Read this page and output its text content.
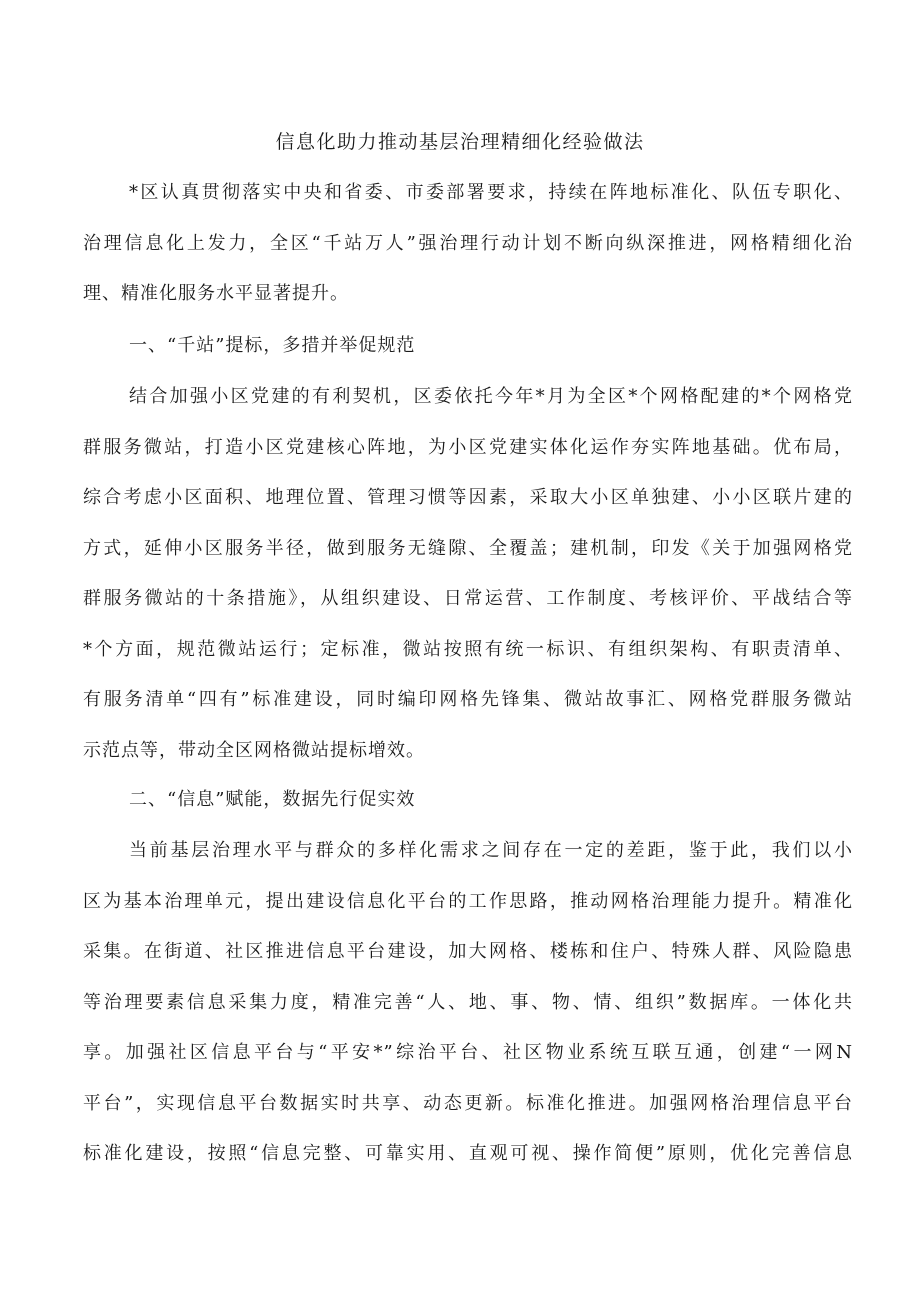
信息化助力推动基层治理精细化经验做法
*区认真贯彻落实中央和省委、市委部署要求，持续在阵地标准化、队伍专职化、
治理信息化上发力，全区“千站万人”强治理行动计划不断向纵深推进，网格精细化治
理、精准化服务水平显著提升。
一、“千站”提标，多措并举促规范
结合加强小区党建的有利契机，区委依托今年*月为全区*个网格配建的*个网格党
群服务微站，打造小区党建核心阵地，为小区党建实体化运作夯实阵地基础。优布局，
综合考虑小区面积、地理位置、管理习惯等因素，采取大小区单独建、小小区联片建的
方式，延伸小区服务半径，做到服务无缝隙、全覆盖；建机制，印发《关于加强网格党
群服务微站的十条措施》，从组织建设、日常运营、工作制度、考核评价、平战结合等
*个方面，规范微站运行；定标准，微站按照有统一标识、有组织架构、有职责清单、
有服务清单“四有”标准建设，同时编印网格先锋集、微站故事汇、网格党群服务微站
示范点等，带动全区网格微站提标增效。
二、“信息”赋能，数据先行促实效
当前基层治理水平与群众的多样化需求之间存在一定的差距，鉴于此，我们以小
区为基本治理单元，提出建设信息化平台的工作思路，推动网格治理能力提升。精准化
采集。在街道、社区推进信息平台建设，加大网格、楼栋和住户、特殊人群、风险隐患
等治理要素信息采集力度，精准完善“人、地、事、物、情、组织”数据库。一体化共
享。加强社区信息平台与“平安*”综治平台、社区物业系统互联互通，创建“一网N
平台”，实现信息平台数据实时共享、动态更新。标准化推进。加强网格治理信息平台
标准化建设，按照“信息完整、可靠实用、直观可视、操作简便”原则，优化完善信息
